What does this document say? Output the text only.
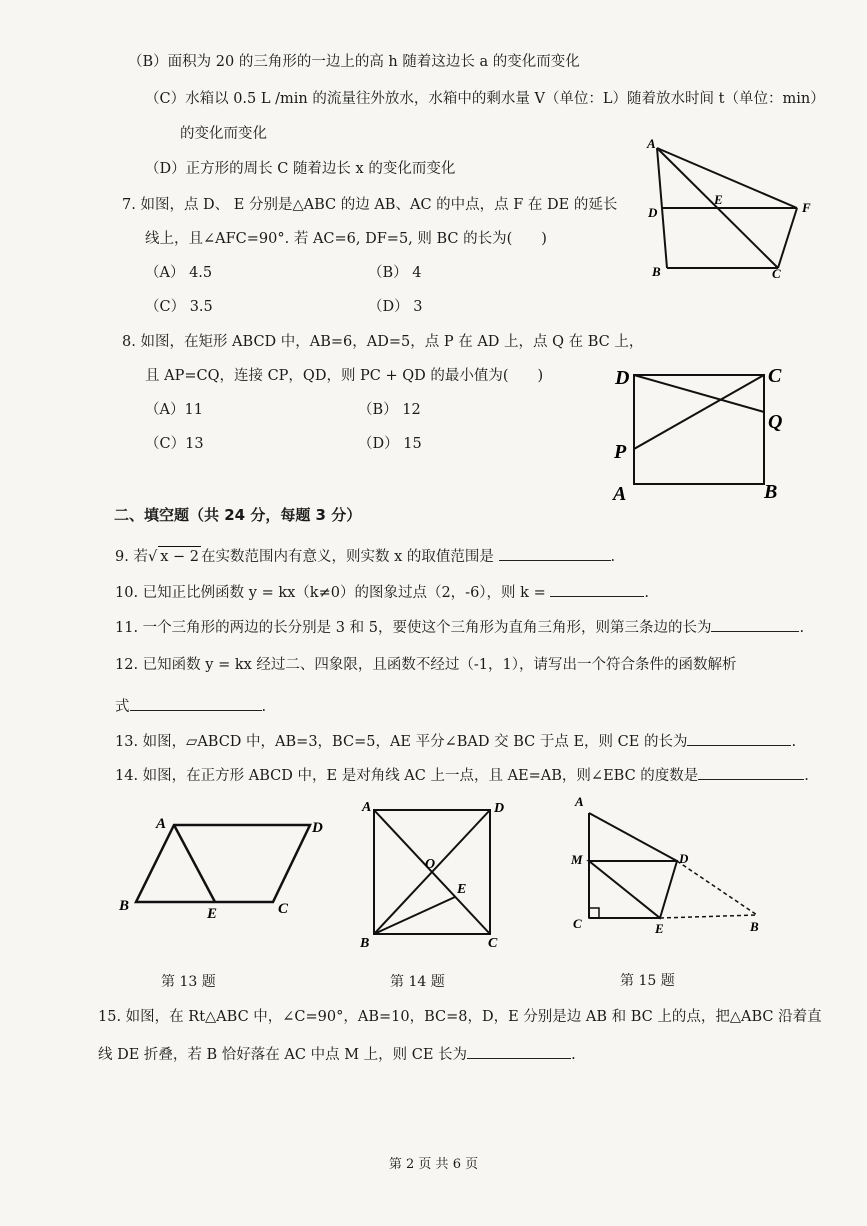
（B）面积为 20 的三角形的一边上的高 h 随着这边长 a 的变化而变化
（C）水箱以 0.5 L /min 的流量往外放水，水箱中的剩水量 V（单位：L）随着放水时间 t（单位：min）
的变化而变化
（D）正方形的周长 C 随着边长 x 的变化而变化
7. 如图，点 D、 E 分别是△ABC 的边 AB、AC 的中点，点 F 在 DE 的延长
线上，且∠AFC=90°. 若 AC=6, DF=5, 则 BC 的长为(　　)
（A） 4.5	（B） 4
（C） 3.5	（D） 3
A
B	C
D
E
F
8. 如图，在矩形 ABCD 中，AB=6，AD=5，点 P 在 AD 上，点 Q 在 BC 上，
且 AP=CQ，连接 CP，QD，则 PC + QD 的最小值为(　　)
（A）11	（B） 12
（C）13	（D） 15
D	C
Q
P
A	B
二、填空题（共 24 分，每题 3 分）
9. 若√ x − 2 在实数范围内有意义，则实数 x 的取值范围是	.
10. 已知正比例函数 y = kx（k≠0）的图象过点（2，-6），则 k =	.
11. 一个三角形的两边的长分别是 3 和 5，要使这个三角形为直角三角形，则第三条边的长为	.
12. 已知函数 y = kx 经过二、四象限，且函数不经过（-1，1），请写出一个符合条件的函数解析
式	.
13. 如图，▱ABCD 中，AB=3，BC=5，AE 平分∠BAD 交 BC 于点 E，则 CE 的长为	.
14. 如图，在正方形 ABCD 中，E 是对角线 AC 上一点，且 AE=AB，则∠EBC 的度数是	.
A	D
B	E	C
A	D
O
E
B	C
A
M	D
C	E	B
第 13 题	第 14 题	第 15 题
15. 如图，在 Rt△ABC 中，∠C=90°，AB=10，BC=8，D，E 分别是边 AB 和 BC 上的点，把△ABC 沿着直
线 DE 折叠，若 B 恰好落在 AC 中点 M 上，则 CE 长为	.
第 2 页 共 6 页
